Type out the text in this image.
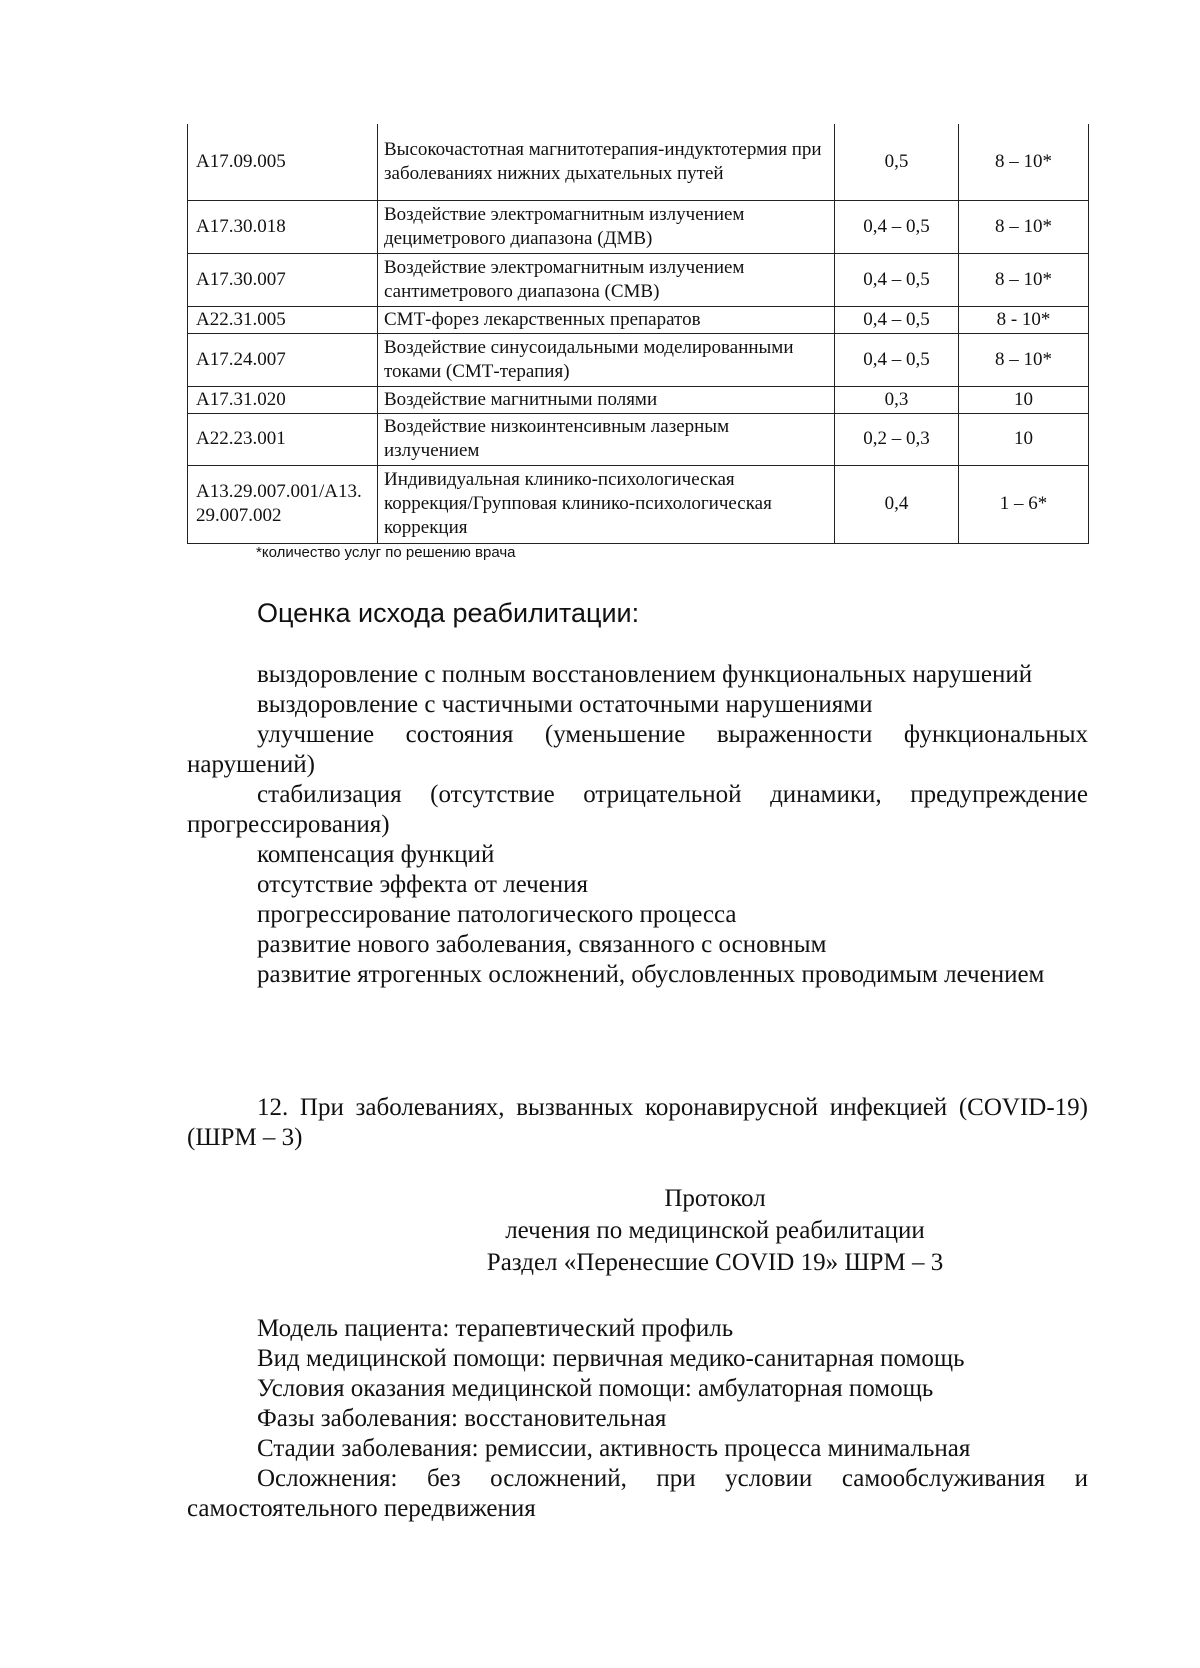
А17.09.005	Высокочастотная магнитотерапия-индуктотермия при заболеваниях нижних дыхательных путей	0,5	8 – 10*
А17.30.018	Воздействие электромагнитным излучением дециметрового диапазона (ДМВ)	0,4 – 0,5	8 – 10*
А17.30.007	Воздействие электромагнитным излучением сантиметрового диапазона (СМВ)	0,4 – 0,5	8 – 10*
А22.31.005	СМТ-форез лекарственных препаратов	0,4 – 0,5	8 - 10*
А17.24.007	Воздействие синусоидальными моделированными токами (СМТ-терапия)	0,4 – 0,5	8 – 10*
А17.31.020	Воздействие магнитными полями	0,3	10
А22.23.001	Воздействие низкоинтенсивным лазерным излучением	0,2 – 0,3	10
А13.29.007.001/А13.29.007.002	Индивидуальная клинико-психологическая коррекция/Групповая клинико-психологическая коррекция	0,4	1 – 6*
*количество услуг по решению врача
Оценка исхода реабилитации:

выздоровление с полным восстановлением функциональных нарушений

выздоровление с частичными остаточными нарушениями

улучшение состояния (уменьшение выраженности функциональных нарушений)

стабилизация (отсутствие отрицательной динамики, предупреждение прогрессирования)

компенсация функций

отсутствие эффекта от лечения

прогрессирование патологического процесса

развитие нового заболевания, связанного с основным

развитие ятрогенных осложнений, обусловленных проводимым лечением

12. При заболеваниях, вызванных коронавирусной инфекцией (COVID-19) (ШРМ – 3)

Протокол
лечения по медицинской реабилитации
Раздел «Перенесшие COVID 19» ШРМ – 3

Модель пациента: терапевтический профиль

Вид медицинской помощи: первичная медико-санитарная помощь

Условия оказания медицинской помощи: амбулаторная помощь

Фазы заболевания: восстановительная

Стадии заболевания: ремиссии, активность процесса минимальная

Осложнения: без осложнений, при условии самообслуживания и самостоятельного передвижения
